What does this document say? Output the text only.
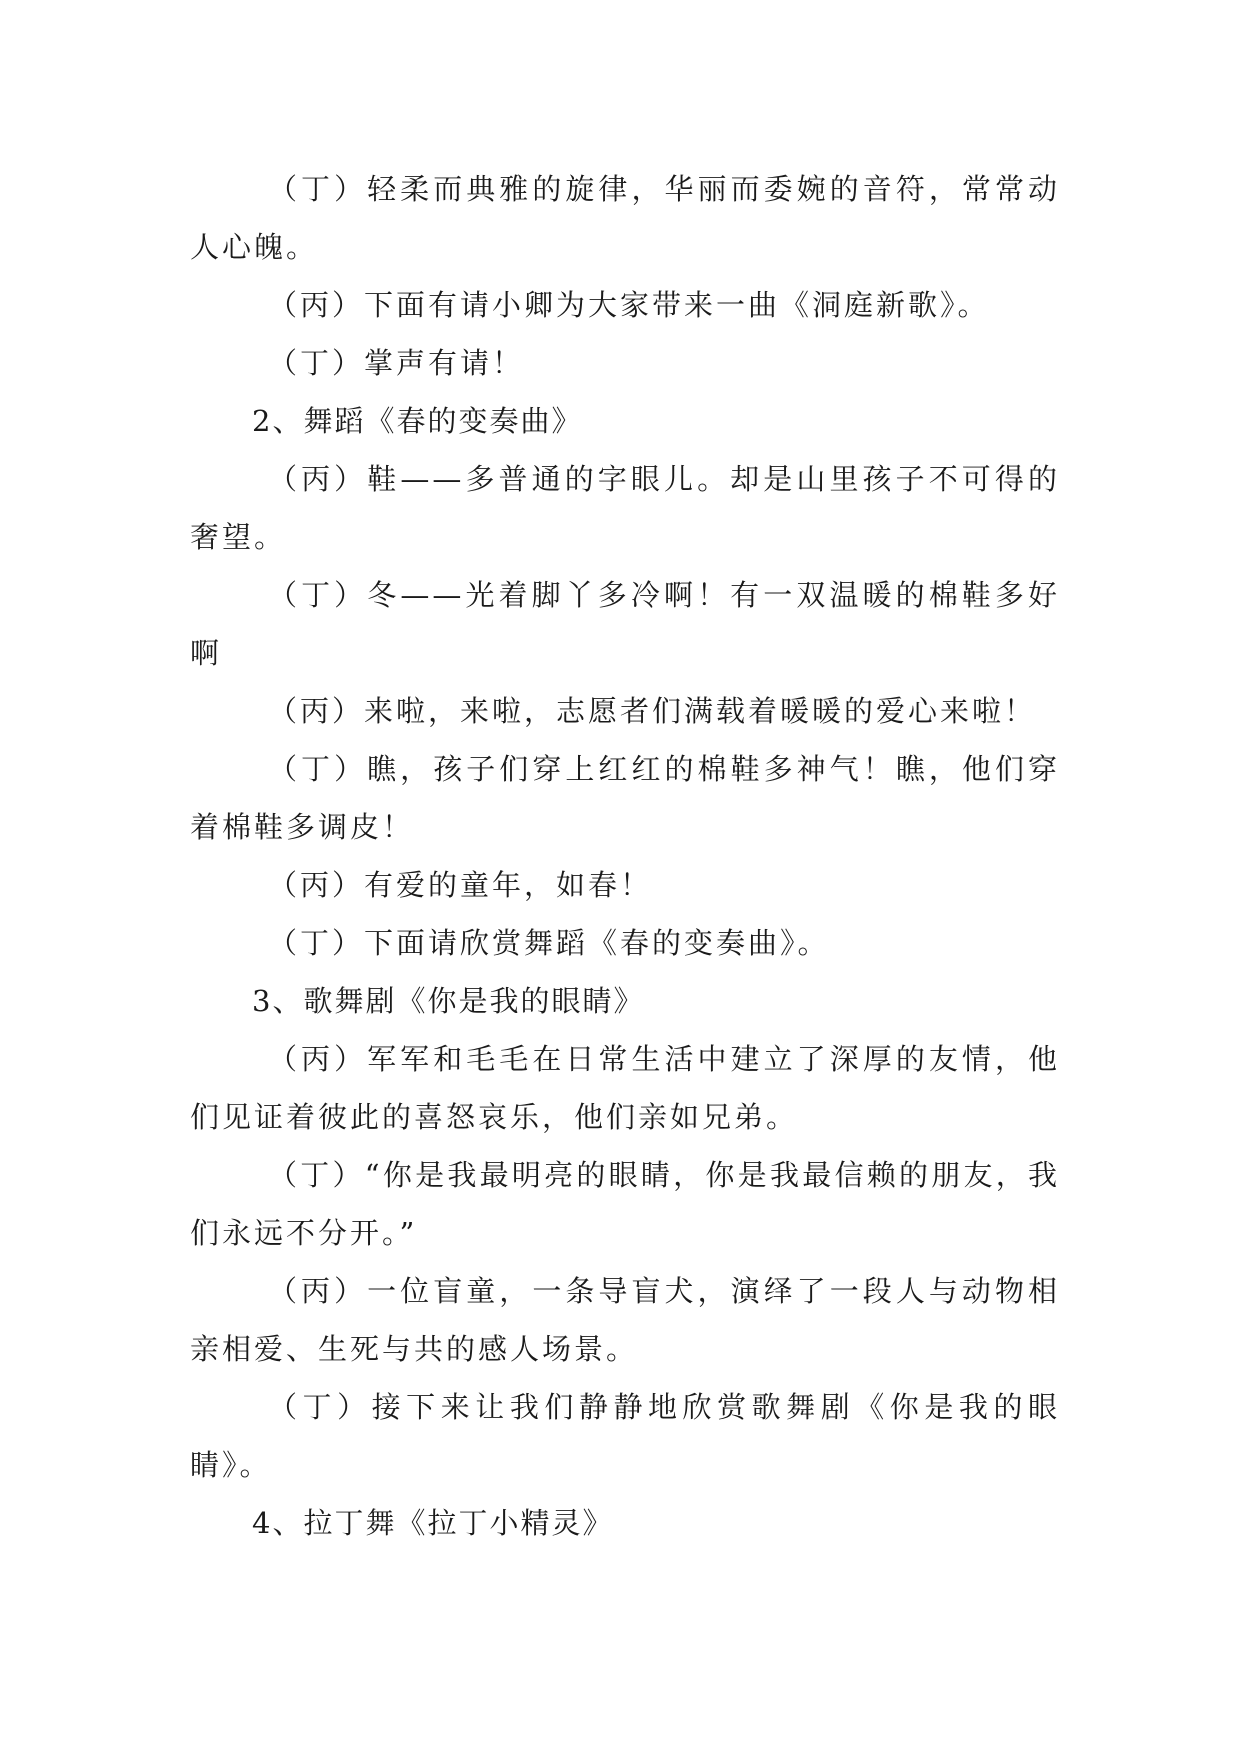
（丁）轻柔而典雅的旋律，华丽而委婉的音符，常常动人心魄。

（丙）下面有请小卿为大家带来一曲《洞庭新歌》。

（丁）掌声有请！

2、舞蹈《春的变奏曲》

（丙）鞋——多普通的字眼儿。却是山里孩子不可得的奢望。

（丁）冬——光着脚丫多冷啊！有一双温暖的棉鞋多好啊

（丙）来啦，来啦，志愿者们满载着暖暖的爱心来啦！

（丁）瞧，孩子们穿上红红的棉鞋多神气！瞧，他们穿着棉鞋多调皮！

（丙）有爱的童年，如春！

（丁）下面请欣赏舞蹈《春的变奏曲》。

3、歌舞剧《你是我的眼睛》

（丙）军军和毛毛在日常生活中建立了深厚的友情，他们见证着彼此的喜怒哀乐，他们亲如兄弟。

（丁）“你是我最明亮的眼睛，你是我最信赖的朋友，我们永远不分开。”

（丙）一位盲童，一条导盲犬，演绎了一段人与动物相亲相爱、生死与共的感人场景。

（丁）接下来让我们静静地欣赏歌舞剧《你是我的眼睛》。

4、拉丁舞《拉丁小精灵》
